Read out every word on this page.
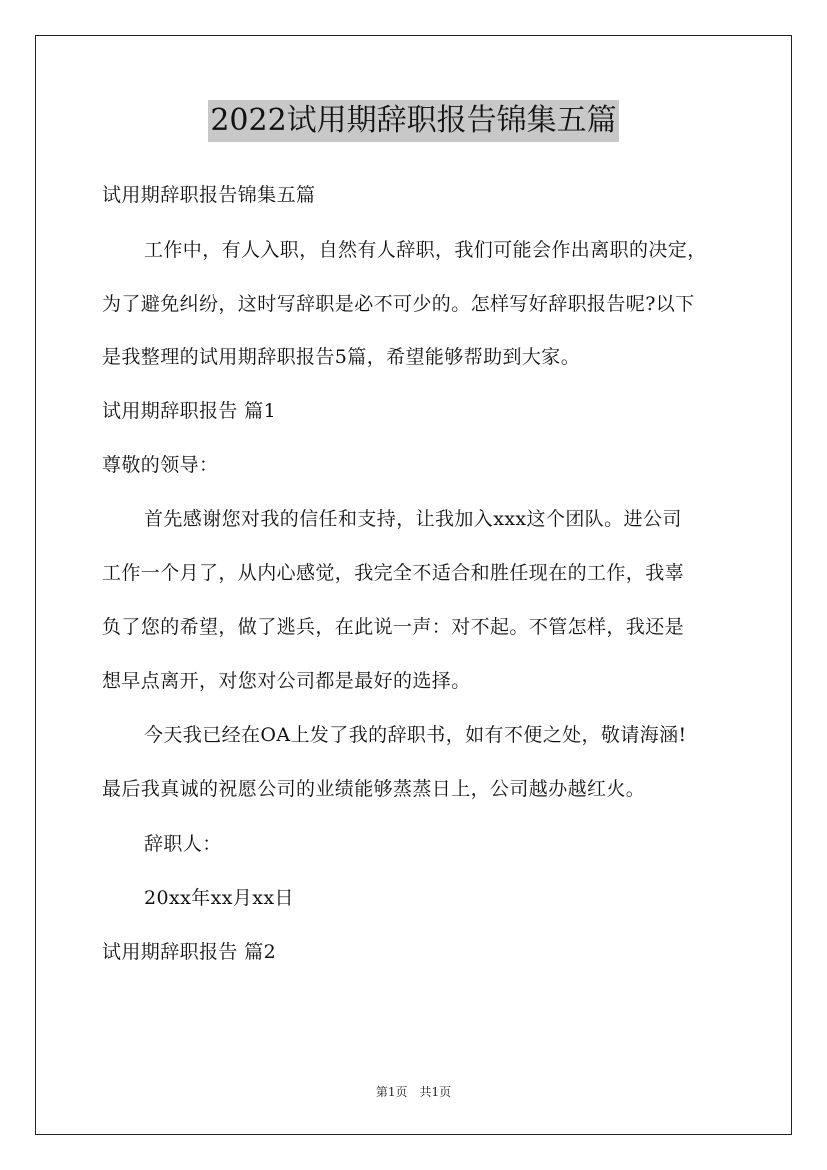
2022试用期辞职报告锦集五篇
试用期辞职报告锦集五篇
工作中，有人入职，自然有人辞职，我们可能会作出离职的决定，
为了避免纠纷，这时写辞职是必不可少的。怎样写好辞职报告呢?以下
是我整理的试用期辞职报告5篇，希望能够帮助到大家。
试用期辞职报告 篇1
尊敬的领导：
首先感谢您对我的信任和支持，让我加入xxx这个团队。进公司
工作一个月了，从内心感觉，我完全不适合和胜任现在的工作，我辜
负了您的希望，做了逃兵，在此说一声：对不起。不管怎样，我还是
想早点离开，对您对公司都是最好的选择。
今天我已经在OA上发了我的辞职书，如有不便之处，敬请海涵!
最后我真诚的祝愿公司的业绩能够蒸蒸日上，公司越办越红火。
辞职人：
20xx年xx月xx日
试用期辞职报告 篇2
第1页　共1页
